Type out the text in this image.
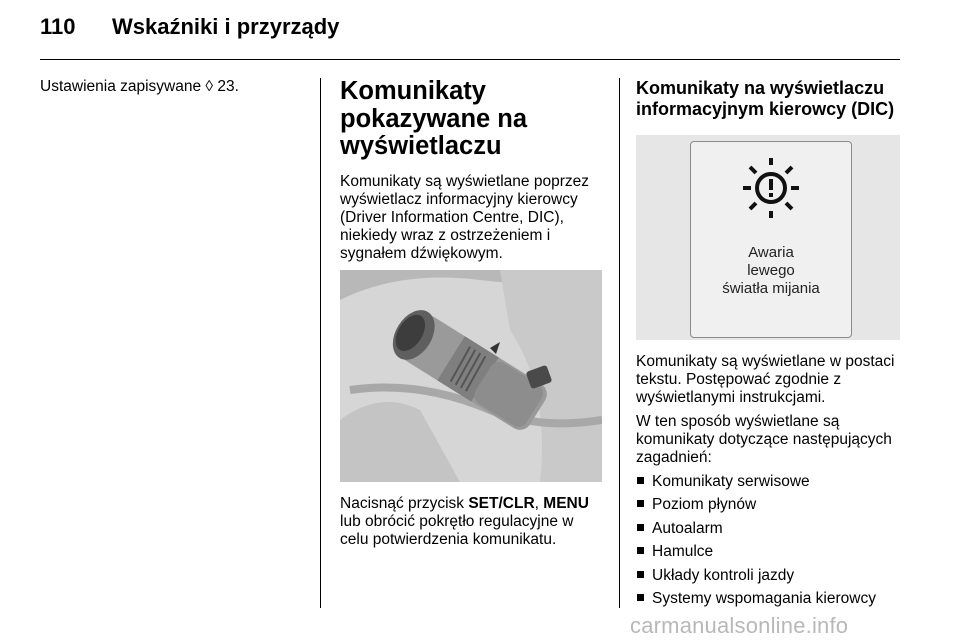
110 Wskaźniki i przyrządy

Ustawienia zapisywane ◊ 23.	Komunikaty pokazywane na wyświetlaczu

Komunikaty są wyświetlane poprzez wyświetlacz informacyjny kierowcy (Driver Information Centre, DIC), niekiedy wraz z ostrzeżeniem i sygnałem dźwiękowym.

Nacisnąć przycisk SET/CLR, MENU lub obrócić pokrętło regulacyjne w celu potwierdzenia komunikatu.

Komunikaty na wyświetlaczu informacyjnym kierowcy (DIC)
Awaria
lewego
światła mijania

Komunikaty są wyświetlane w postaci tekstu. Postępować zgodnie z wyświetlanymi instrukcjami.

W ten sposób wyświetlane są komunikaty dotyczące następujących zagadnień:

Komunikaty serwisowe
Poziom płynów
Autoalarm
Hamulce
Układy kontroli jazdy
Systemy wspomagania kierowcy
carmanualsonline.info
